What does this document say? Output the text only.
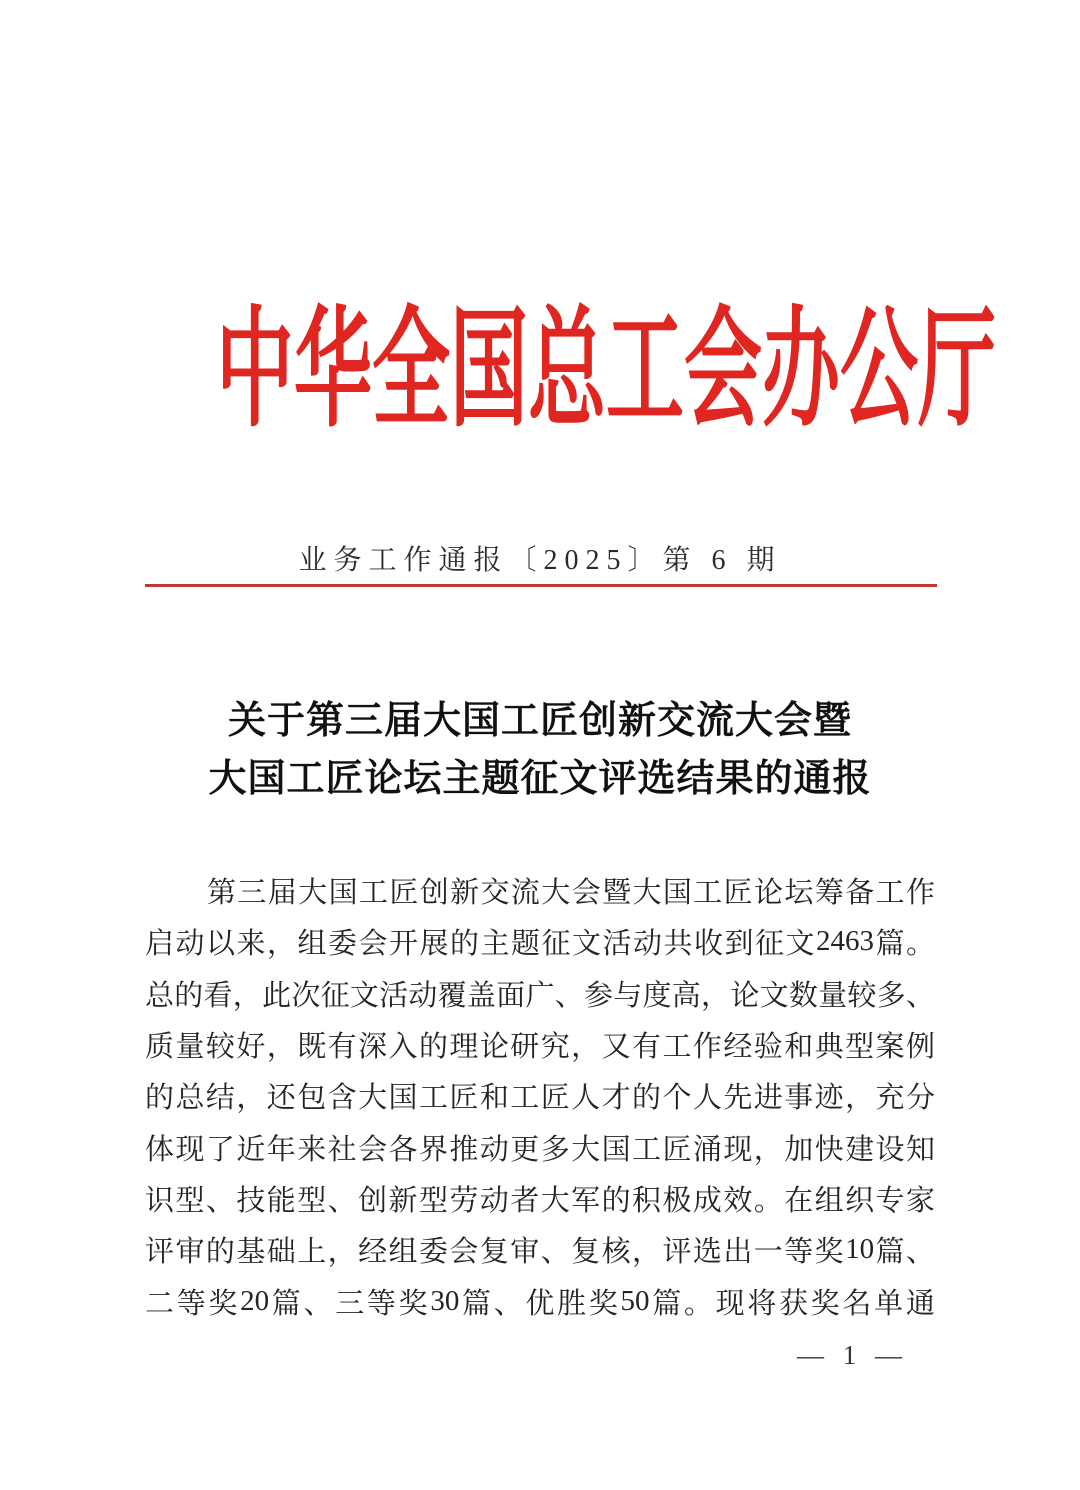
中华全国总工会办公厅
业务工作通报〔2025〕第 6 期
关于第三届大国工匠创新交流大会暨
大国工匠论坛主题征文评选结果的通报
第 三 届 大 国 工 匠 创 新 交 流 大 会 暨 大 国 工 匠 论 坛 筹 备 工 作
启 动 以 来 ， 组 委 会 开 展 的 主 题 征 文 活 动 共 收 到 征 文 2463 篇 。
总 的 看 ， 此 次 征 文 活 动 覆 盖 面 广 、 参 与 度 高 ， 论 文 数 量 较 多 、
质 量 较 好 ， 既 有 深 入 的 理 论 研 究 ， 又 有 工 作 经 验 和 典 型 案 例
的 总 结 ， 还 包 含 大 国 工 匠 和 工 匠 人 才 的 个 人 先 进 事 迹 ， 充 分
体 现 了 近 年 来 社 会 各 界 推 动 更 多 大 国 工 匠 涌 现 ， 加 快 建 设 知
识 型 、 技 能 型 、 创 新 型 劳 动 者 大 军 的 积 极 成 效 。 在 组 织 专 家
评 审 的 基 础 上 ， 经 组 委 会 复 审 、 复 核 ， 评 选 出 一 等 奖 10 篇 、
二 等 奖 20 篇 、 三 等 奖 30 篇 、 优 胜 奖 50 篇 。 现 将 获 奖 名 单 通
— 1 —
